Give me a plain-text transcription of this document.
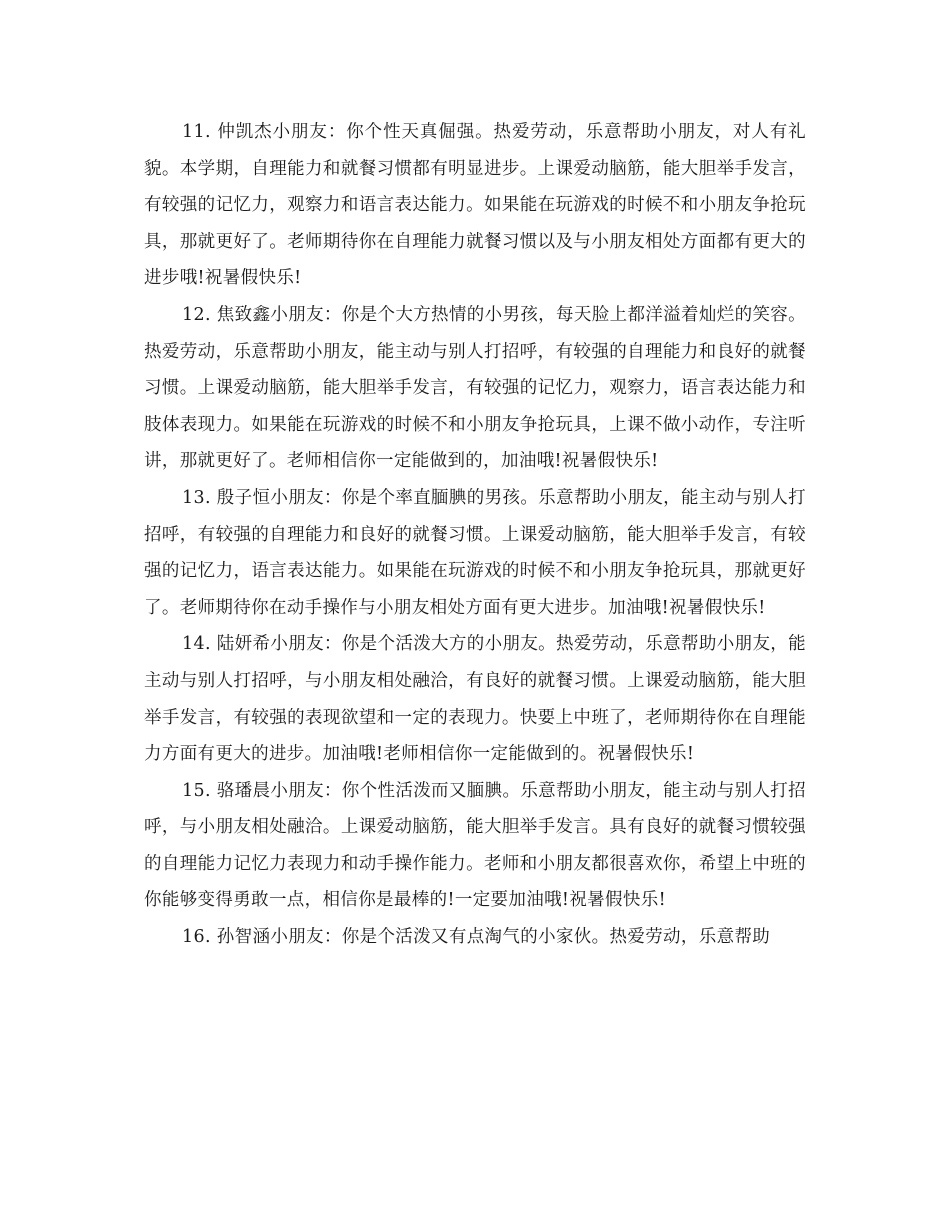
11. 仲凯杰小朋友：你个性天真倔强。热爱劳动，乐意帮助小朋友，对人有礼貌。本学期，自理能力和就餐习惯都有明显进步。上课爱动脑筋，能大胆举手发言，有较强的记忆力，观察力和语言表达能力。如果能在玩游戏的时候不和小朋友争抢玩具，那就更好了。老师期待你在自理能力就餐习惯以及与小朋友相处方面都有更大的进步哦!祝暑假快乐!

12. 焦致鑫小朋友：你是个大方热情的小男孩，每天脸上都洋溢着灿烂的笑容。热爱劳动，乐意帮助小朋友，能主动与别人打招呼，有较强的自理能力和良好的就餐习惯。上课爱动脑筋，能大胆举手发言，有较强的记忆力，观察力，语言表达能力和肢体表现力。如果能在玩游戏的时候不和小朋友争抢玩具，上课不做小动作，专注听讲，那就更好了。老师相信你一定能做到的，加油哦!祝暑假快乐!

13. 殷子恒小朋友：你是个率直腼腆的男孩。乐意帮助小朋友，能主动与别人打招呼，有较强的自理能力和良好的就餐习惯。上课爱动脑筋，能大胆举手发言，有较强的记忆力，语言表达能力。如果能在玩游戏的时候不和小朋友争抢玩具，那就更好了。老师期待你在动手操作与小朋友相处方面有更大进步。加油哦!祝暑假快乐!

14. 陆妍希小朋友：你是个活泼大方的小朋友。热爱劳动，乐意帮助小朋友，能主动与别人打招呼，与小朋友相处融洽，有良好的就餐习惯。上课爱动脑筋，能大胆举手发言，有较强的表现欲望和一定的表现力。快要上中班了，老师期待你在自理能力方面有更大的进步。加油哦!老师相信你一定能做到的。祝暑假快乐!

15. 骆璠晨小朋友：你个性活泼而又腼腆。乐意帮助小朋友，能主动与别人打招呼，与小朋友相处融洽。上课爱动脑筋，能大胆举手发言。具有良好的就餐习惯较强的自理能力记忆力表现力和动手操作能力。老师和小朋友都很喜欢你，希望上中班的你能够变得勇敢一点，相信你是最棒的!一定要加油哦!祝暑假快乐!

16. 孙智涵小朋友：你是个活泼又有点淘气的小家伙。热爱劳动，乐意帮助
